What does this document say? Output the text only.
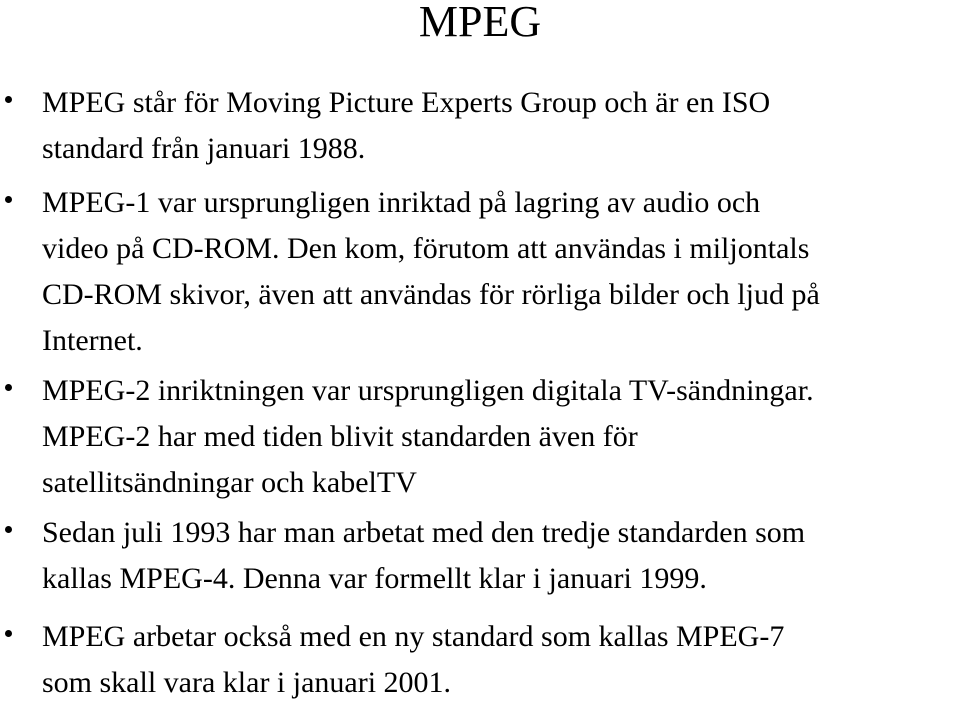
MPEG
MPEG står för Moving Picture Experts Group och är en ISO
standard från januari 1988.
MPEG-1 var ursprungligen inriktad på lagring av audio och
video på CD-ROM. Den kom, förutom att användas i miljontals
CD-ROM skivor, även att användas för rörliga bilder och ljud på
Internet.
MPEG-2 inriktningen var ursprungligen digitala TV-sändningar.
MPEG-2 har med tiden blivit standarden även för
satellitsändningar och kabelTV
Sedan juli 1993 har man arbetat med den tredje standarden som
kallas MPEG-4. Denna var formellt klar i januari 1999.
MPEG arbetar också med en ny standard som kallas MPEG-7
som skall vara klar i januari 2001.
